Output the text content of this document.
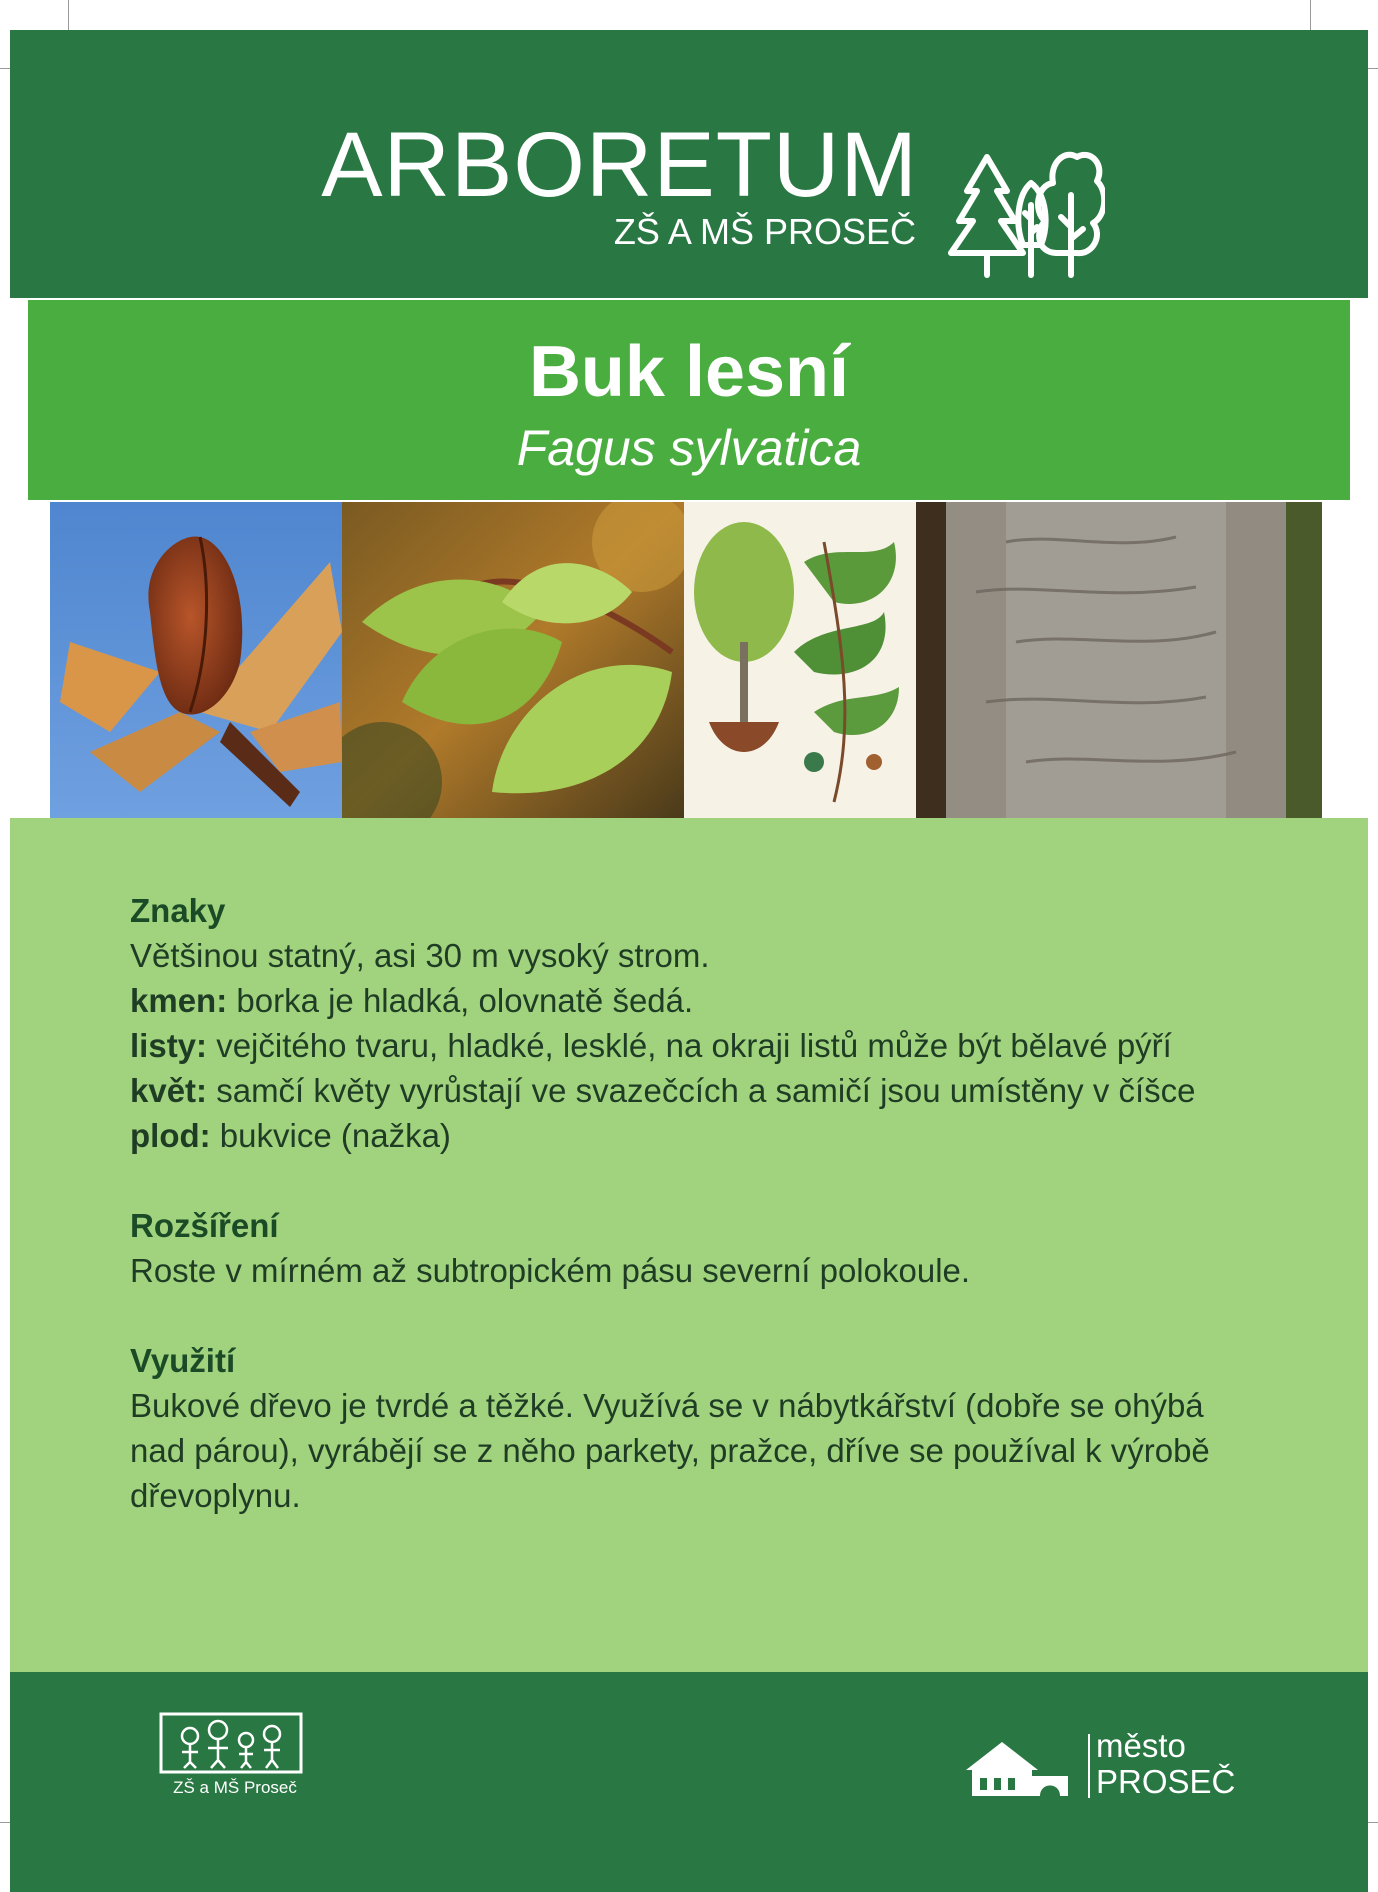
ARBORETUM
ZŠ A MŠ PROSEČ
Buk lesní
Fagus sylvatica
Znaky
Většinou statný, asi 30 m vysoký strom.
kmen: borka je hladká, olovnatě šedá.
listy: vejčitého tvaru, hladké, lesklé, na okraji listů může být bělavé pýří
květ: samčí květy vyrůstají ve svazečcích a samičí jsou umístěny v číšce
plod: bukvice (nažka)
Rozšíření
Roste v mírném až subtropickém pásu severní polokoule.
Využití
Bukové dřevo je tvrdé a těžké. Využívá se v nábytkářství (dobře se ohýbá
nad párou), vyrábějí se z něho parkety, pražce, dříve se používal k výrobě
dřevoplynu.
ZŠ a MŠ Proseč
město
PROSEČ
